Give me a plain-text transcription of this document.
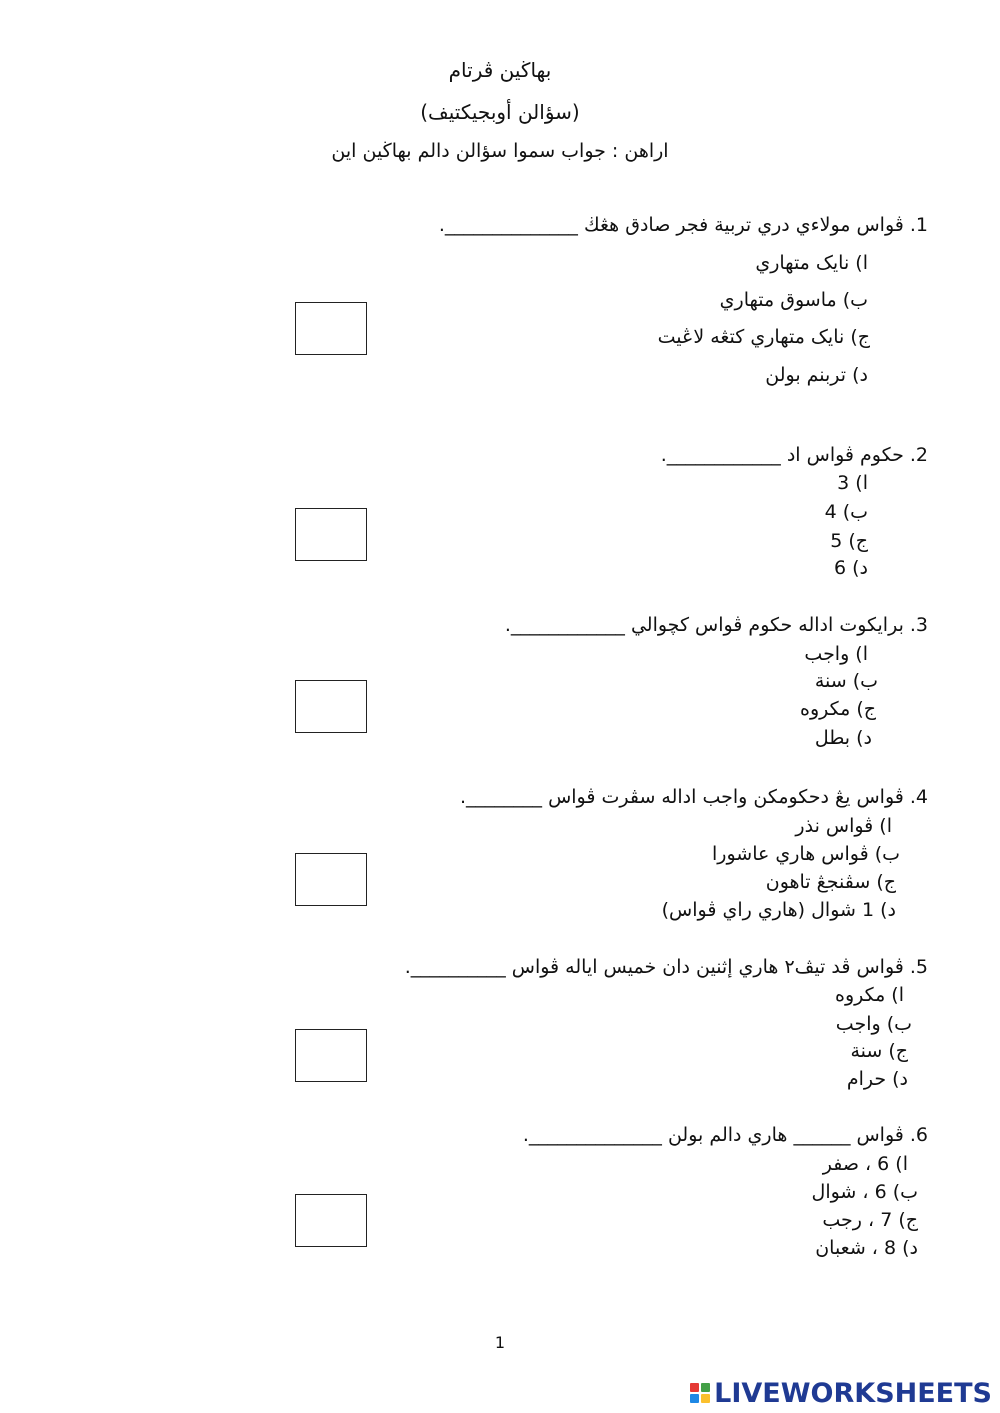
بهاڬين ڤرتام
(سؤالن أوبجيكتيف)
اراهن : جواب سموا سؤالن دالم بهاڬين اين
1.ڤواس مولاءي دري تربية فجر صادق هڠڬ ______________.
ا) نايک متهاري
ب) ماسوق متهاري
ج) نايک متهاري كتڠه لاڠيت
د) تربنم بولن
2.حكوم ڤواس اد ____________.
ا) 3
ب) 4
ج) 5
د) 6
3.برايكوت اداله حكوم ڤواس كچوالي ____________.
ا) واجب
ب) سنة
ج) مكروه
د) بطل
4.ڤواس يڠ دحكومكن واجب اداله سڤرت ڤواس ________.
ا) ڤواس نذر
ب) ڤواس هاري عاشورا
ج) سڤنجڠ تاهون
د) 1 شوال (هاري راي ڤواس)
5.ڤواس ڤد تيڤ٢ هاري إثنين دان خميس اياله ڤواس __________.
ا) مكروه
ب) واجب
ج) سنة
د) حرام
6.ڤواس ______ هاري دالم بولن ______________.
ا) 6 ، صفر
ب) 6 ، شوال
ج) 7 ، رجب
د) 8 ، شعبان
1
LIVEWORKSHEETS
